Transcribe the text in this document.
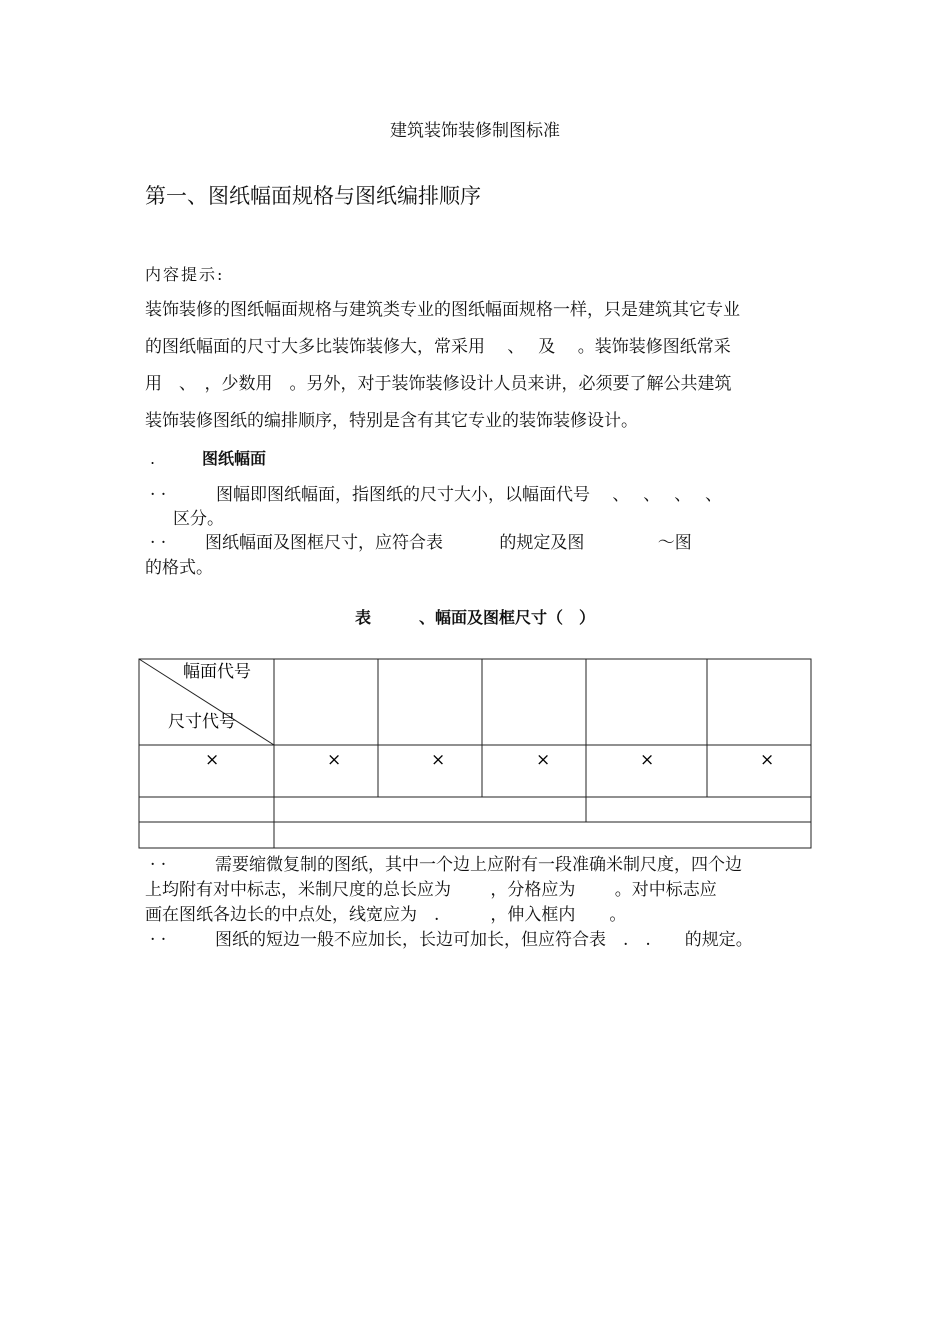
建筑装饰装修制图标准
第一、图纸幅面规格与图纸编排顺序
内容提示:
装饰装修的图纸幅面规格与建筑类专业的图纸幅面规格一样，只是建筑其它专业
的图纸幅面的尺寸大多比装饰装修大，常采用　 、　 及　 。装饰装修图纸常采
用　、　，少数用　。另外，对于装饰装修设计人员来讲，必须要了解公共建筑
装饰装修图纸的编排顺序，特别是含有其它专业的装饰装修设计。
.	图纸幅面
. .	图幅即图纸幅面，指图纸的尺寸大小，以幅面代号　 、　 、　 、　 、
区分。
. . 图纸幅面及图框尺寸，应符合表　　　 的规定及图　　　　 ～图
的格式。
表　　　、幅面及图框尺寸（　）
幅面代号
尺寸代号
×	×	×	×	×	×
. .	需要缩微复制的图纸，其中一个边上应附有一段准确米制尺度，四个边
上均附有对中标志，米制尺度的总长应为　　 ，分格应为　　 。对中标志应
画在图纸各边长的中点处，线宽应为　.　　　，伸入框内　　。
. .	图纸的短边一般不应加长，长边可加长，但应符合表　.　.　　的规定。
